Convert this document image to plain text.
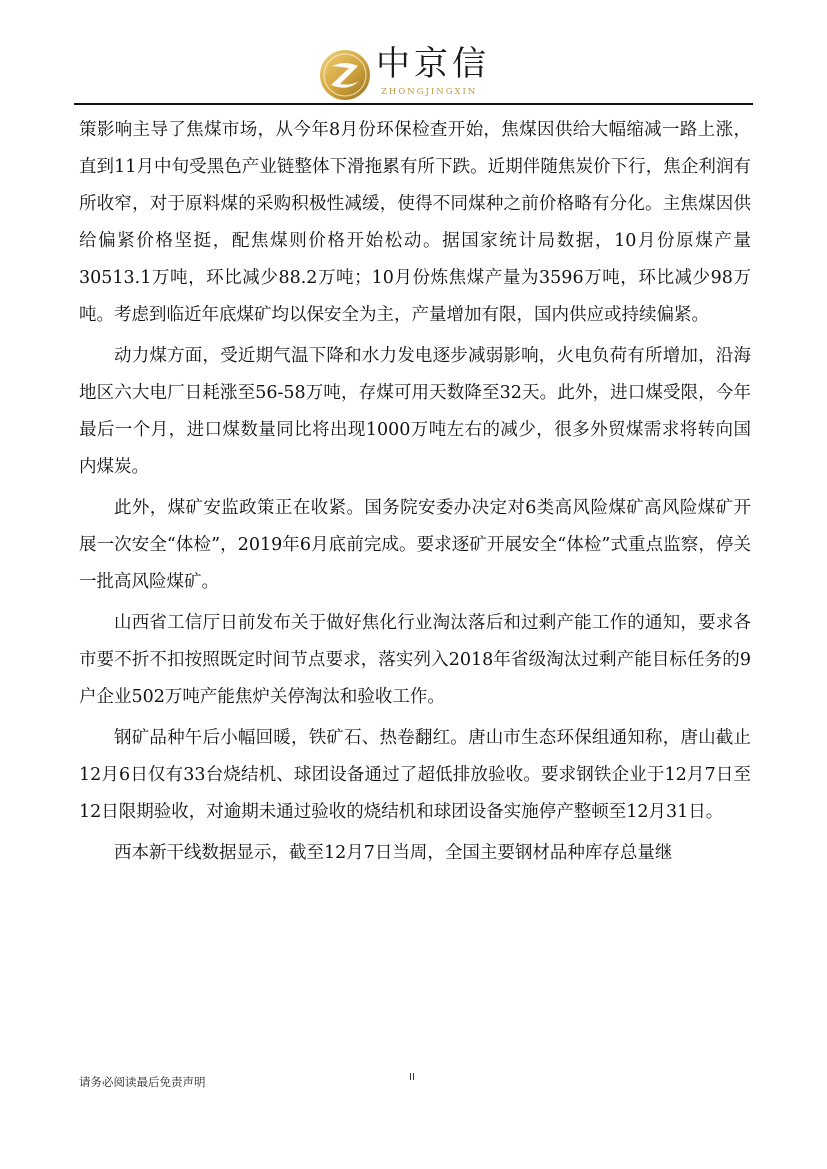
中京信
ZHONGJINGXIN

策影响主导了焦煤市场，从今年8月份环保检查开始，焦煤因供给大幅缩减一路上涨，直到11月中旬受黑色产业链整体下滑拖累有所下跌。近期伴随焦炭价下行，焦企利润有所收窄，对于原料煤的采购积极性减缓，使得不同煤种之前价格略有分化。主焦煤因供给偏紧价格坚挺，配焦煤则价格开始松动。据国家统计局数据，10月份原煤产量30513.1万吨，环比减少88.2万吨；10月份炼焦煤产量为3596万吨，环比减少98万吨。考虑到临近年底煤矿均以保安全为主，产量增加有限，国内供应或持续偏紧。

动力煤方面，受近期气温下降和水力发电逐步减弱影响，火电负荷有所增加，沿海地区六大电厂日耗涨至56-58万吨，存煤可用天数降至32天。此外，进口煤受限，今年最后一个月，进口煤数量同比将出现1000万吨左右的减少，很多外贸煤需求将转向国内煤炭。

此外，煤矿安监政策正在收紧。国务院安委办决定对6类高风险煤矿高风险煤矿开展一次安全“体检”，2019年6月底前完成。要求逐矿开展安全“体检”式重点监察，停关一批高风险煤矿。

山西省工信厅日前发布关于做好焦化行业淘汰落后和过剩产能工作的通知，要求各市要不折不扣按照既定时间节点要求，落实列入2018年省级淘汰过剩产能目标任务的9户企业502万吨产能焦炉关停淘汰和验收工作。

钢矿品种午后小幅回暖，铁矿石、热卷翻红。唐山市生态环保组通知称，唐山截止12月6日仅有33台烧结机、球团设备通过了超低排放验收。要求钢铁企业于12月7日至12日限期验收，对逾期未通过验收的烧结机和球团设备实施停产整顿至12月31日。

西本新干线数据显示，截至12月7日当周，全国主要钢材品种库存总量继

请务必阅读最后免责声明	II
